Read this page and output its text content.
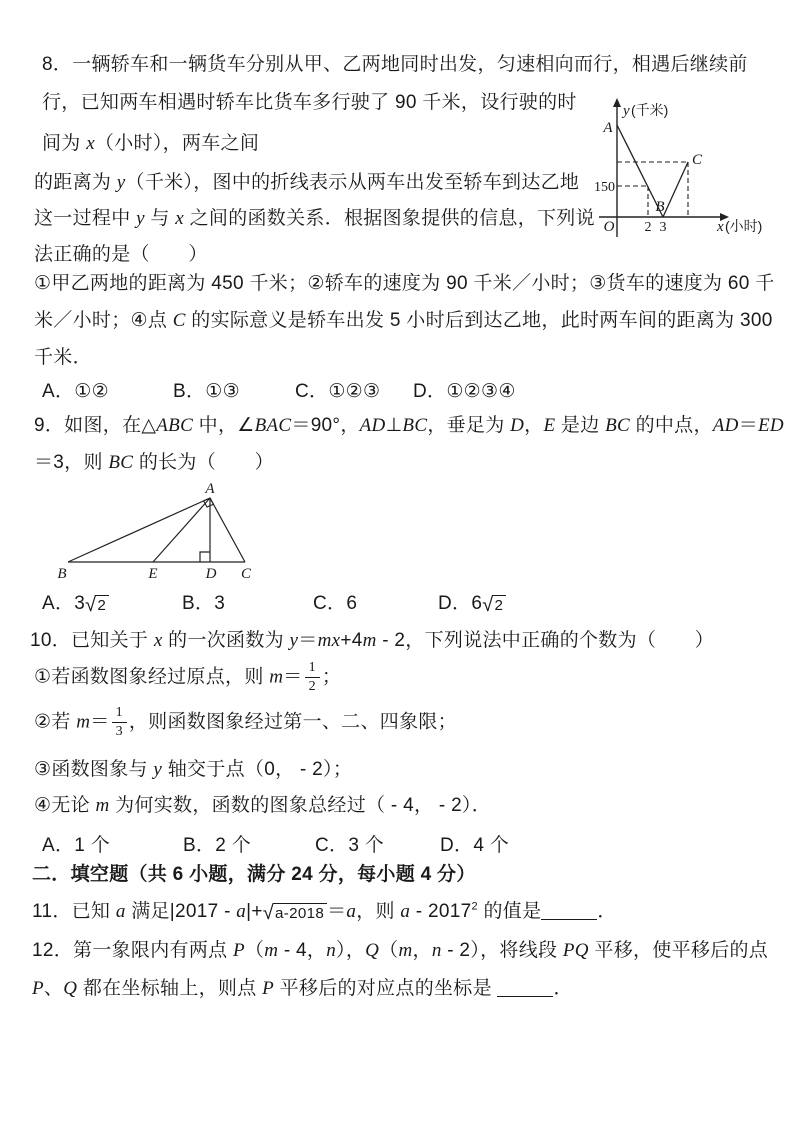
8．一辆轿车和一辆货车分别从甲、乙两地同时出发，匀速相向而行，相遇后继续前
行，已知两车相遇时轿车比货车多行驶了 90 千米，设行驶的时
间为 x（小时），两车之间
的距离为 y（千米），图中的折线表示从两车出发至轿车到达乙地
这一过程中 y 与 x 之间的函数关系．根据图象提供的信息，下列说
法正确的是（　　）
①甲乙两地的距离为 450 千米；②轿车的速度为 90 千米／小时；③货车的速度为 60 千
米／小时；④点 C 的实际意义是轿车出发 5 小时后到达乙地，此时两车间的距离为 300
千米．
A．①②	B．①③	C．①②③ D．①②③④
y (千米)
x (小时)
A
B
C
150
2 3
O
9．如图，在△ABC 中，∠BAC＝90°，AD⊥BC，垂足为 D，E 是边 BC 的中点，AD＝ED
＝3，则 BC 的长为（　　）
A
B	E	D C
A．3 √ 2	B．3	C．6	D．6 √ 2
10．已知关于 x 的一次函数为 y＝mx+4m - 2，下列说法中正确的个数为（　　）
①若函数图象经过原点，则 $m= \frac{1}{2}$ ；
②若 $m= \frac{1}{3}$ ，则函数图象经过第一、二、四象限；
③函数图象与 y 轴交于点（0， - 2）；
④无论 m 为何实数，函数的图象总经过（ - 4， - 2）．
A．1 个	B．2 个	C．3 个	D．4 个
二．填空题（共 6 小题，满分 24 分，每小题 4 分）
11．已知 a 满足|2017 - a|+ √ a-2018 ＝a，则 a - 2017$^2$ 的值是	．
12．第一象限内有两点 P（m - 4，n），Q（m，n - 2），将线段 PQ 平移，使平移后的点
P、Q 都在坐标轴上，则点 P 平移后的对应点的坐标是	．
